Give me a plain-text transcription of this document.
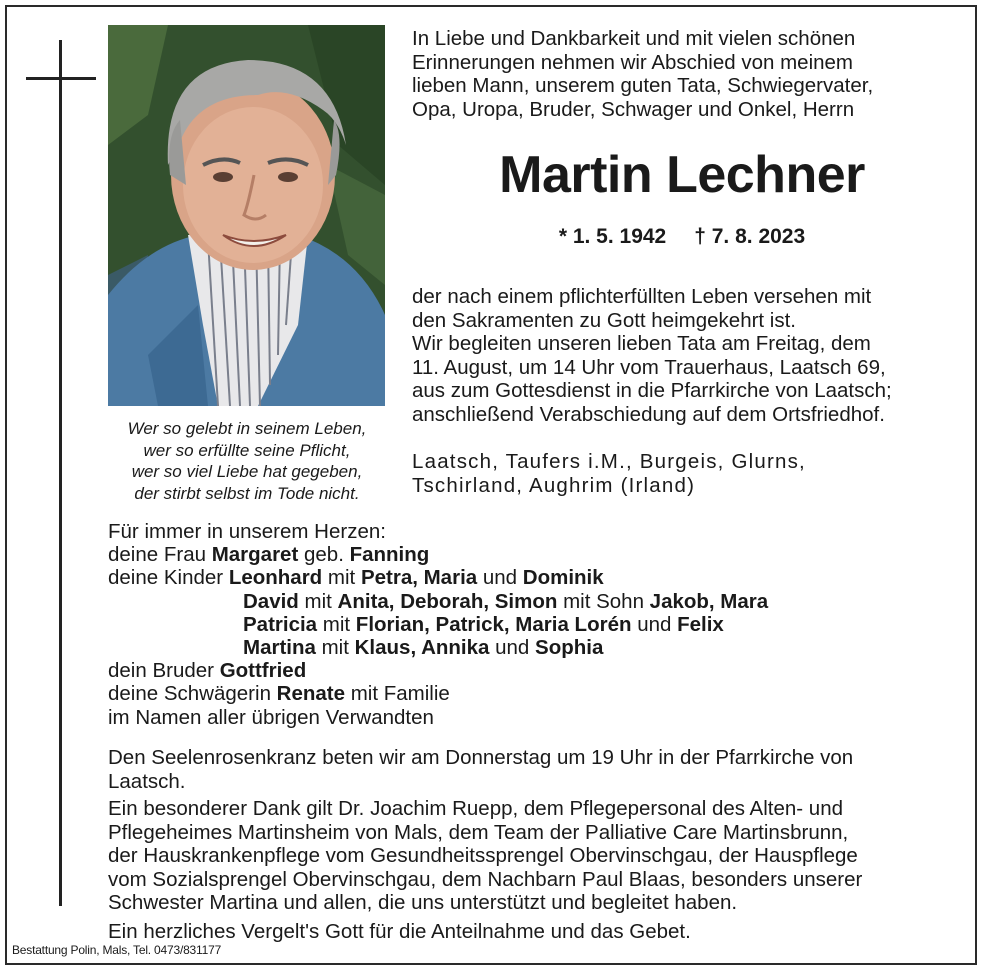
Wer so gelebt in seinem Leben,
wer so erfüllte seine Pflicht,
wer so viel Liebe hat gegeben,
der stirbt selbst im Tode nicht.
In Liebe und Dankbarkeit und mit vielen schönen
Erinnerungen nehmen wir Abschied von meinem
lieben Mann, unserem guten Tata, Schwiegervater,
Opa, Uropa, Bruder, Schwager und Onkel, Herrn
Martin Lechner
* 1. 5. 1942 † 7. 8. 2023
der nach einem pflichterfüllten Leben versehen mit
den Sakramenten zu Gott heimgekehrt ist.
Wir begleiten unseren lieben Tata am Freitag, dem
11. August, um 14 Uhr vom Trauerhaus, Laatsch 69,
aus zum Gottesdienst in die Pfarrkirche von Laatsch;
anschließend Verabschiedung auf dem Ortsfriedhof.
Laatsch, Taufers i.M., Burgeis, Glurns,
Tschirland, Aughrim (Irland)
Für immer in unserem Herzen:
deine Frau Margaret geb. Fanning
deine Kinder Leonhard mit Petra, Maria und Dominik
David mit Anita, Deborah, Simon mit Sohn Jakob, Mara
Patricia mit Florian, Patrick, Maria Lorén und Felix
Martina mit Klaus, Annika und Sophia
dein Bruder Gottfried
deine Schwägerin Renate mit Familie
im Namen aller übrigen Verwandten
Den Seelenrosenkranz beten wir am Donnerstag um 19 Uhr in der Pfarrkirche von
Laatsch.
Ein besonderer Dank gilt Dr. Joachim Ruepp, dem Pflegepersonal des Alten- und
Pflegeheimes Martinsheim von Mals, dem Team der Palliative Care Martinsbrunn,
der Hauskrankenpflege vom Gesundheitssprengel Obervinschgau, der Hauspflege
vom Sozialsprengel Obervinschgau, dem Nachbarn Paul Blaas, besonders unserer
Schwester Martina und allen, die uns unterstützt und begleitet haben.
Ein herzliches Vergelt's Gott für die Anteilnahme und das Gebet.
Bestattung Polin, Mals, Tel. 0473/831177
